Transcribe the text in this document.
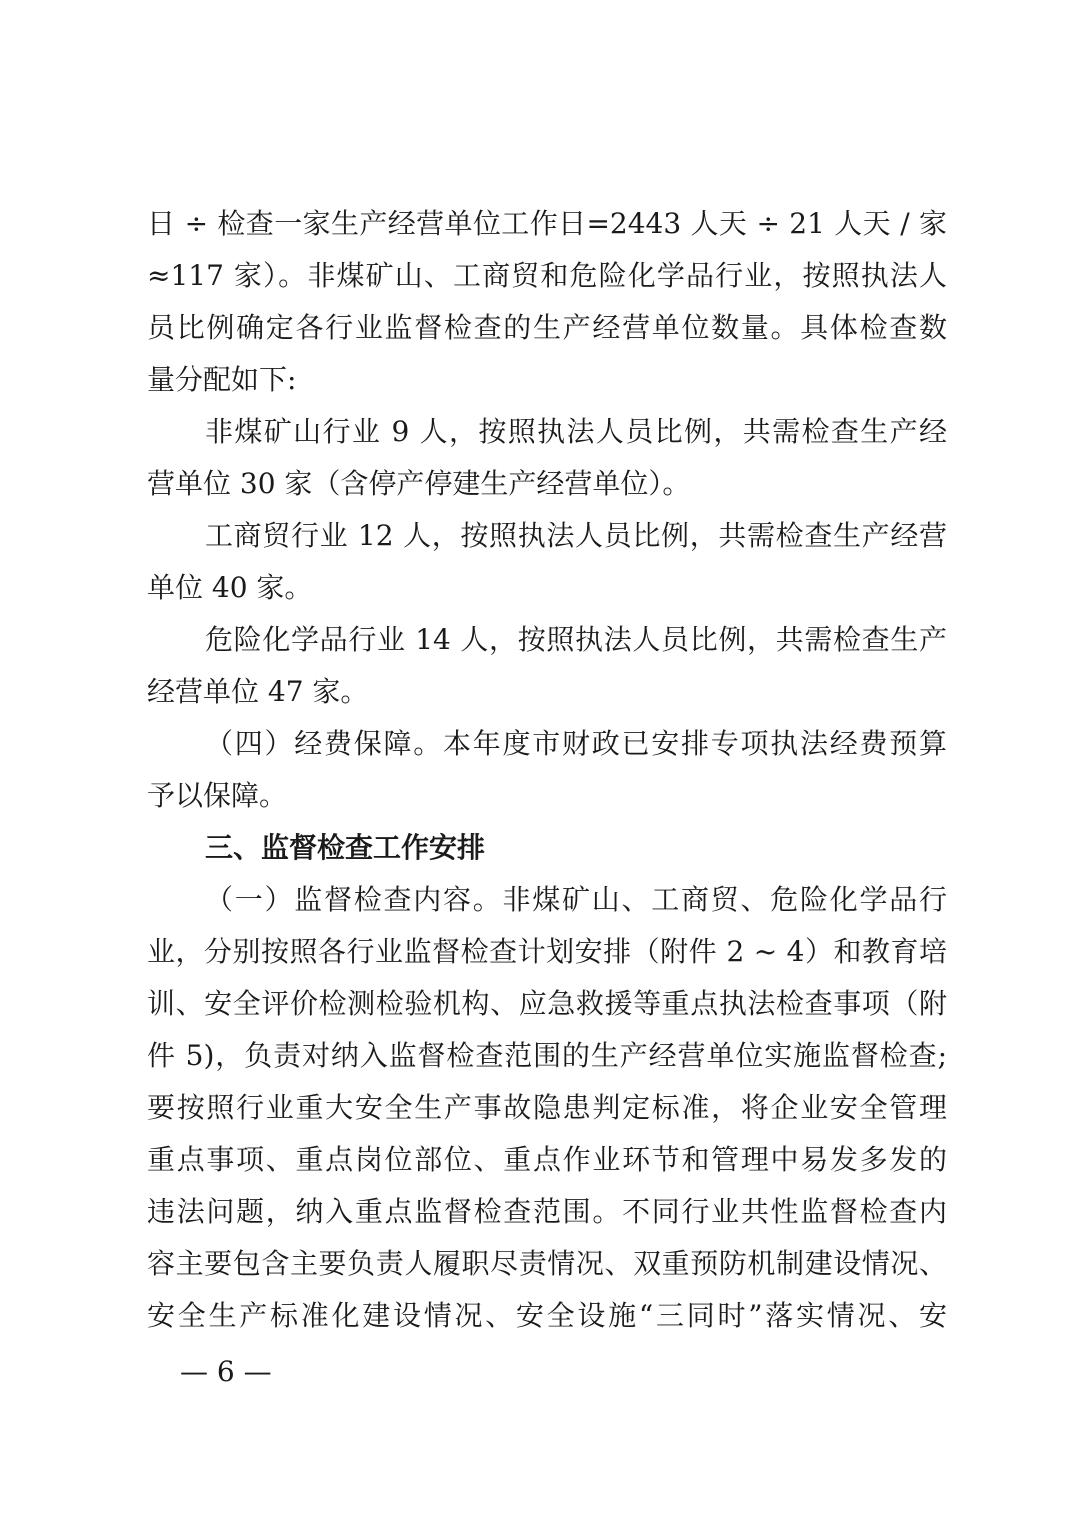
日 ÷ 检查一家生产经营单位工作日=2443 人天 ÷ 21 人天 / 家
≈117 家）。非煤矿山、工商贸和危险化学品行业，按照执法人
员比例确定各行业监督检查的生产经营单位数量。具体检查数
量分配如下:
非煤矿山行业 9 人，按照执法人员比例，共需检查生产经
营单位 30 家（含停产停建生产经营单位）。
工商贸行业 12 人，按照执法人员比例，共需检查生产经营
单位 40 家。
危险化学品行业 14 人，按照执法人员比例，共需检查生产
经营单位 47 家。
（四）经费保障。本年度市财政已安排专项执法经费预算
予以保障。
三、监督检查工作安排
（一）监督检查内容。非煤矿山、工商贸、危险化学品行
业，分别按照各行业监督检查计划安排（附件 2 ~ 4）和教育培
训、安全评价检测检验机构、应急救援等重点执法检查事项（附
件 5)，负责对纳入监督检查范围的生产经营单位实施监督检查;
要按照行业重大安全生产事故隐患判定标准，将企业安全管理
重点事项、重点岗位部位、重点作业环节和管理中易发多发的
违法问题，纳入重点监督检查范围。不同行业共性监督检查内
容主要包含主要负责人履职尽责情况、双重预防机制建设情况、
安全生产标准化建设情况、安全设施“三同时”落实情况、安
— 6 —
